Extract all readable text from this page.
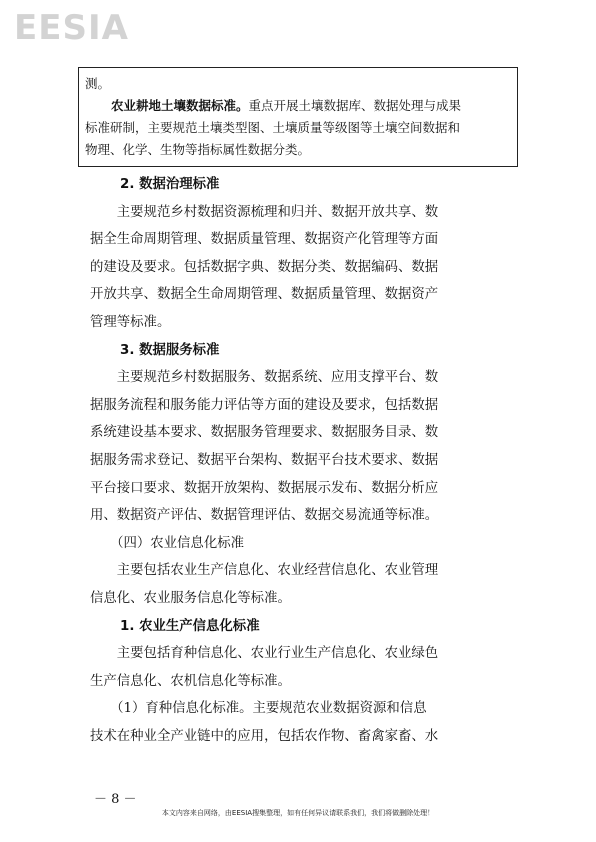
EESIA

测。

农业耕地土壤数据标准。重点开展土壤数据库、数据处理与成果

标准研制，主要规范土壤类型图、土壤质量等级图等土壤空间数据和

物理、化学、生物等指标属性数据分类。

2. 数据治理标准

　　主要规范乡村数据资源梳理和归并、数据开放共享、数

据全生命周期管理、数据质量管理、数据资产化管理等方面

的建设及要求。包括数据字典、数据分类、数据编码、数据

开放共享、数据全生命周期管理、数据质量管理、数据资产

管理等标准。

3. 数据服务标准

　　主要规范乡村数据服务、数据系统、应用支撑平台、数

据服务流程和服务能力评估等方面的建设及要求，包括数据

系统建设基本要求、数据服务管理要求、数据服务目录、数

据服务需求登记、数据平台架构、数据平台技术要求、数据

平台接口要求、数据开放架构、数据展示发布、数据分析应

用、数据资产评估、数据管理评估、数据交易流通等标准。

　　（四）农业信息化标准

　　主要包括农业生产信息化、农业经营信息化、农业管理

信息化、农业服务信息化等标准。

1. 农业生产信息化标准

　　主要包括育种信息化、农业行业生产信息化、农业绿色

生产信息化、农机信息化等标准。

　　（1）育种信息化标准。主要规范农业数据资源和信息

技术在种业全产业链中的应用，包括农作物、畜禽家畜、水

－ 8 －
本文内容来自网络，由EESIA搜集整理，如有任何异议请联系我们，我们将做删除处理！
